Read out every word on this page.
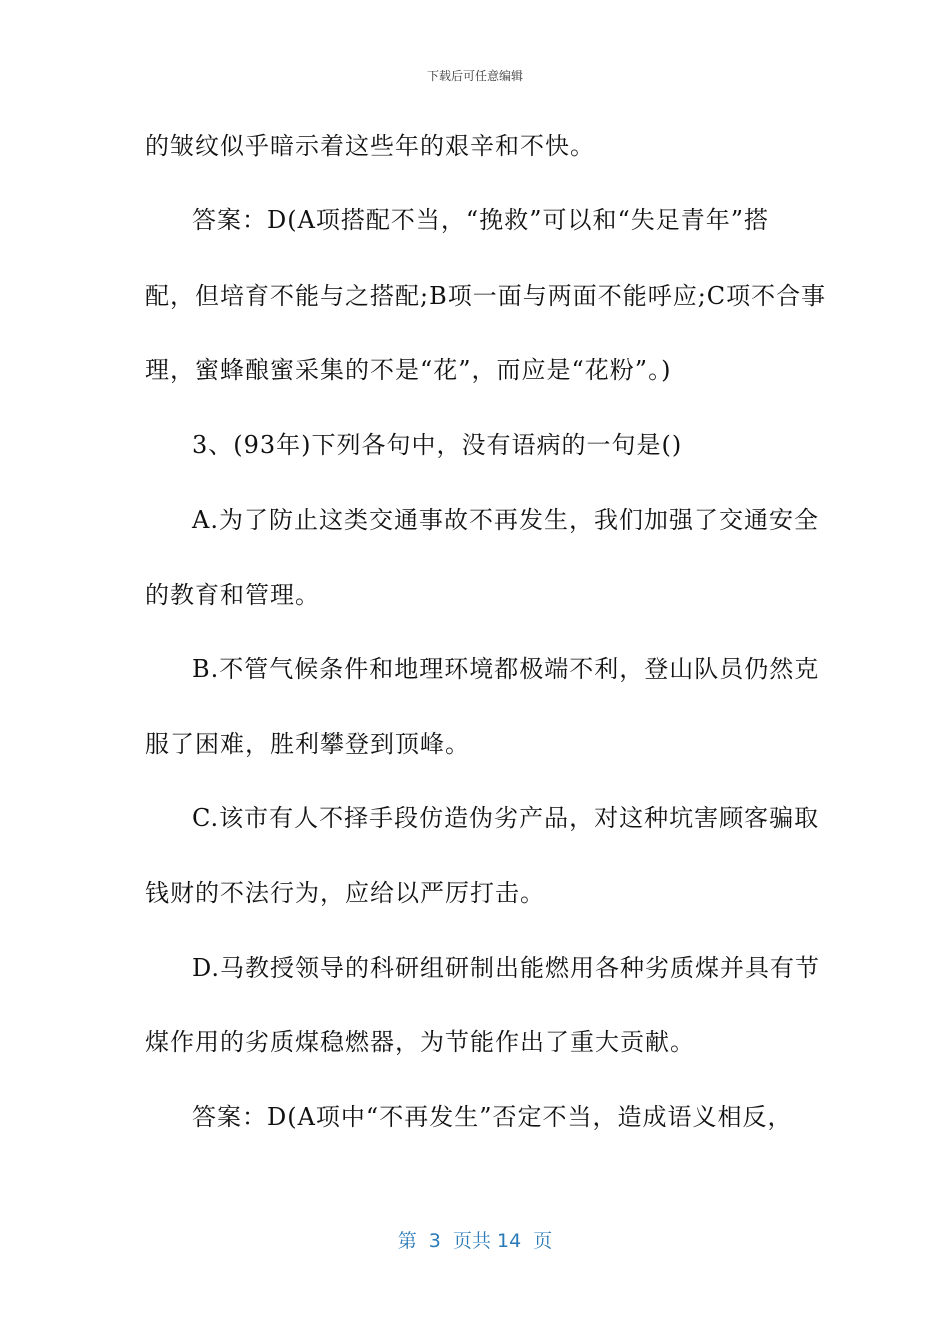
下载后可任意编辑
的皱纹似乎暗示着这些年的艰辛和不快。
答案：D(A项搭配不当，“挽救”可以和“失足青年”搭
配，但培育不能与之搭配;B项一面与两面不能呼应;C项不合事
理，蜜蜂酿蜜采集的不是“花”，而应是“花粉”。)
3、(93年)下列各句中，没有语病的一句是()
A.为了防止这类交通事故不再发生，我们加强了交通安全
的教育和管理。
B.不管气候条件和地理环境都极端不利，登山队员仍然克
服了困难，胜利攀登到顶峰。
C.该市有人不择手段仿造伪劣产品，对这种坑害顾客骗取
钱财的不法行为，应给以严厉打击。
D.马教授领导的科研组研制出能燃用各种劣质煤并具有节
煤作用的劣质煤稳燃器，为节能作出了重大贡献。
答案：D(A项中“不再发生”否定不当，造成语义相反，
第  3  页共 14  页
